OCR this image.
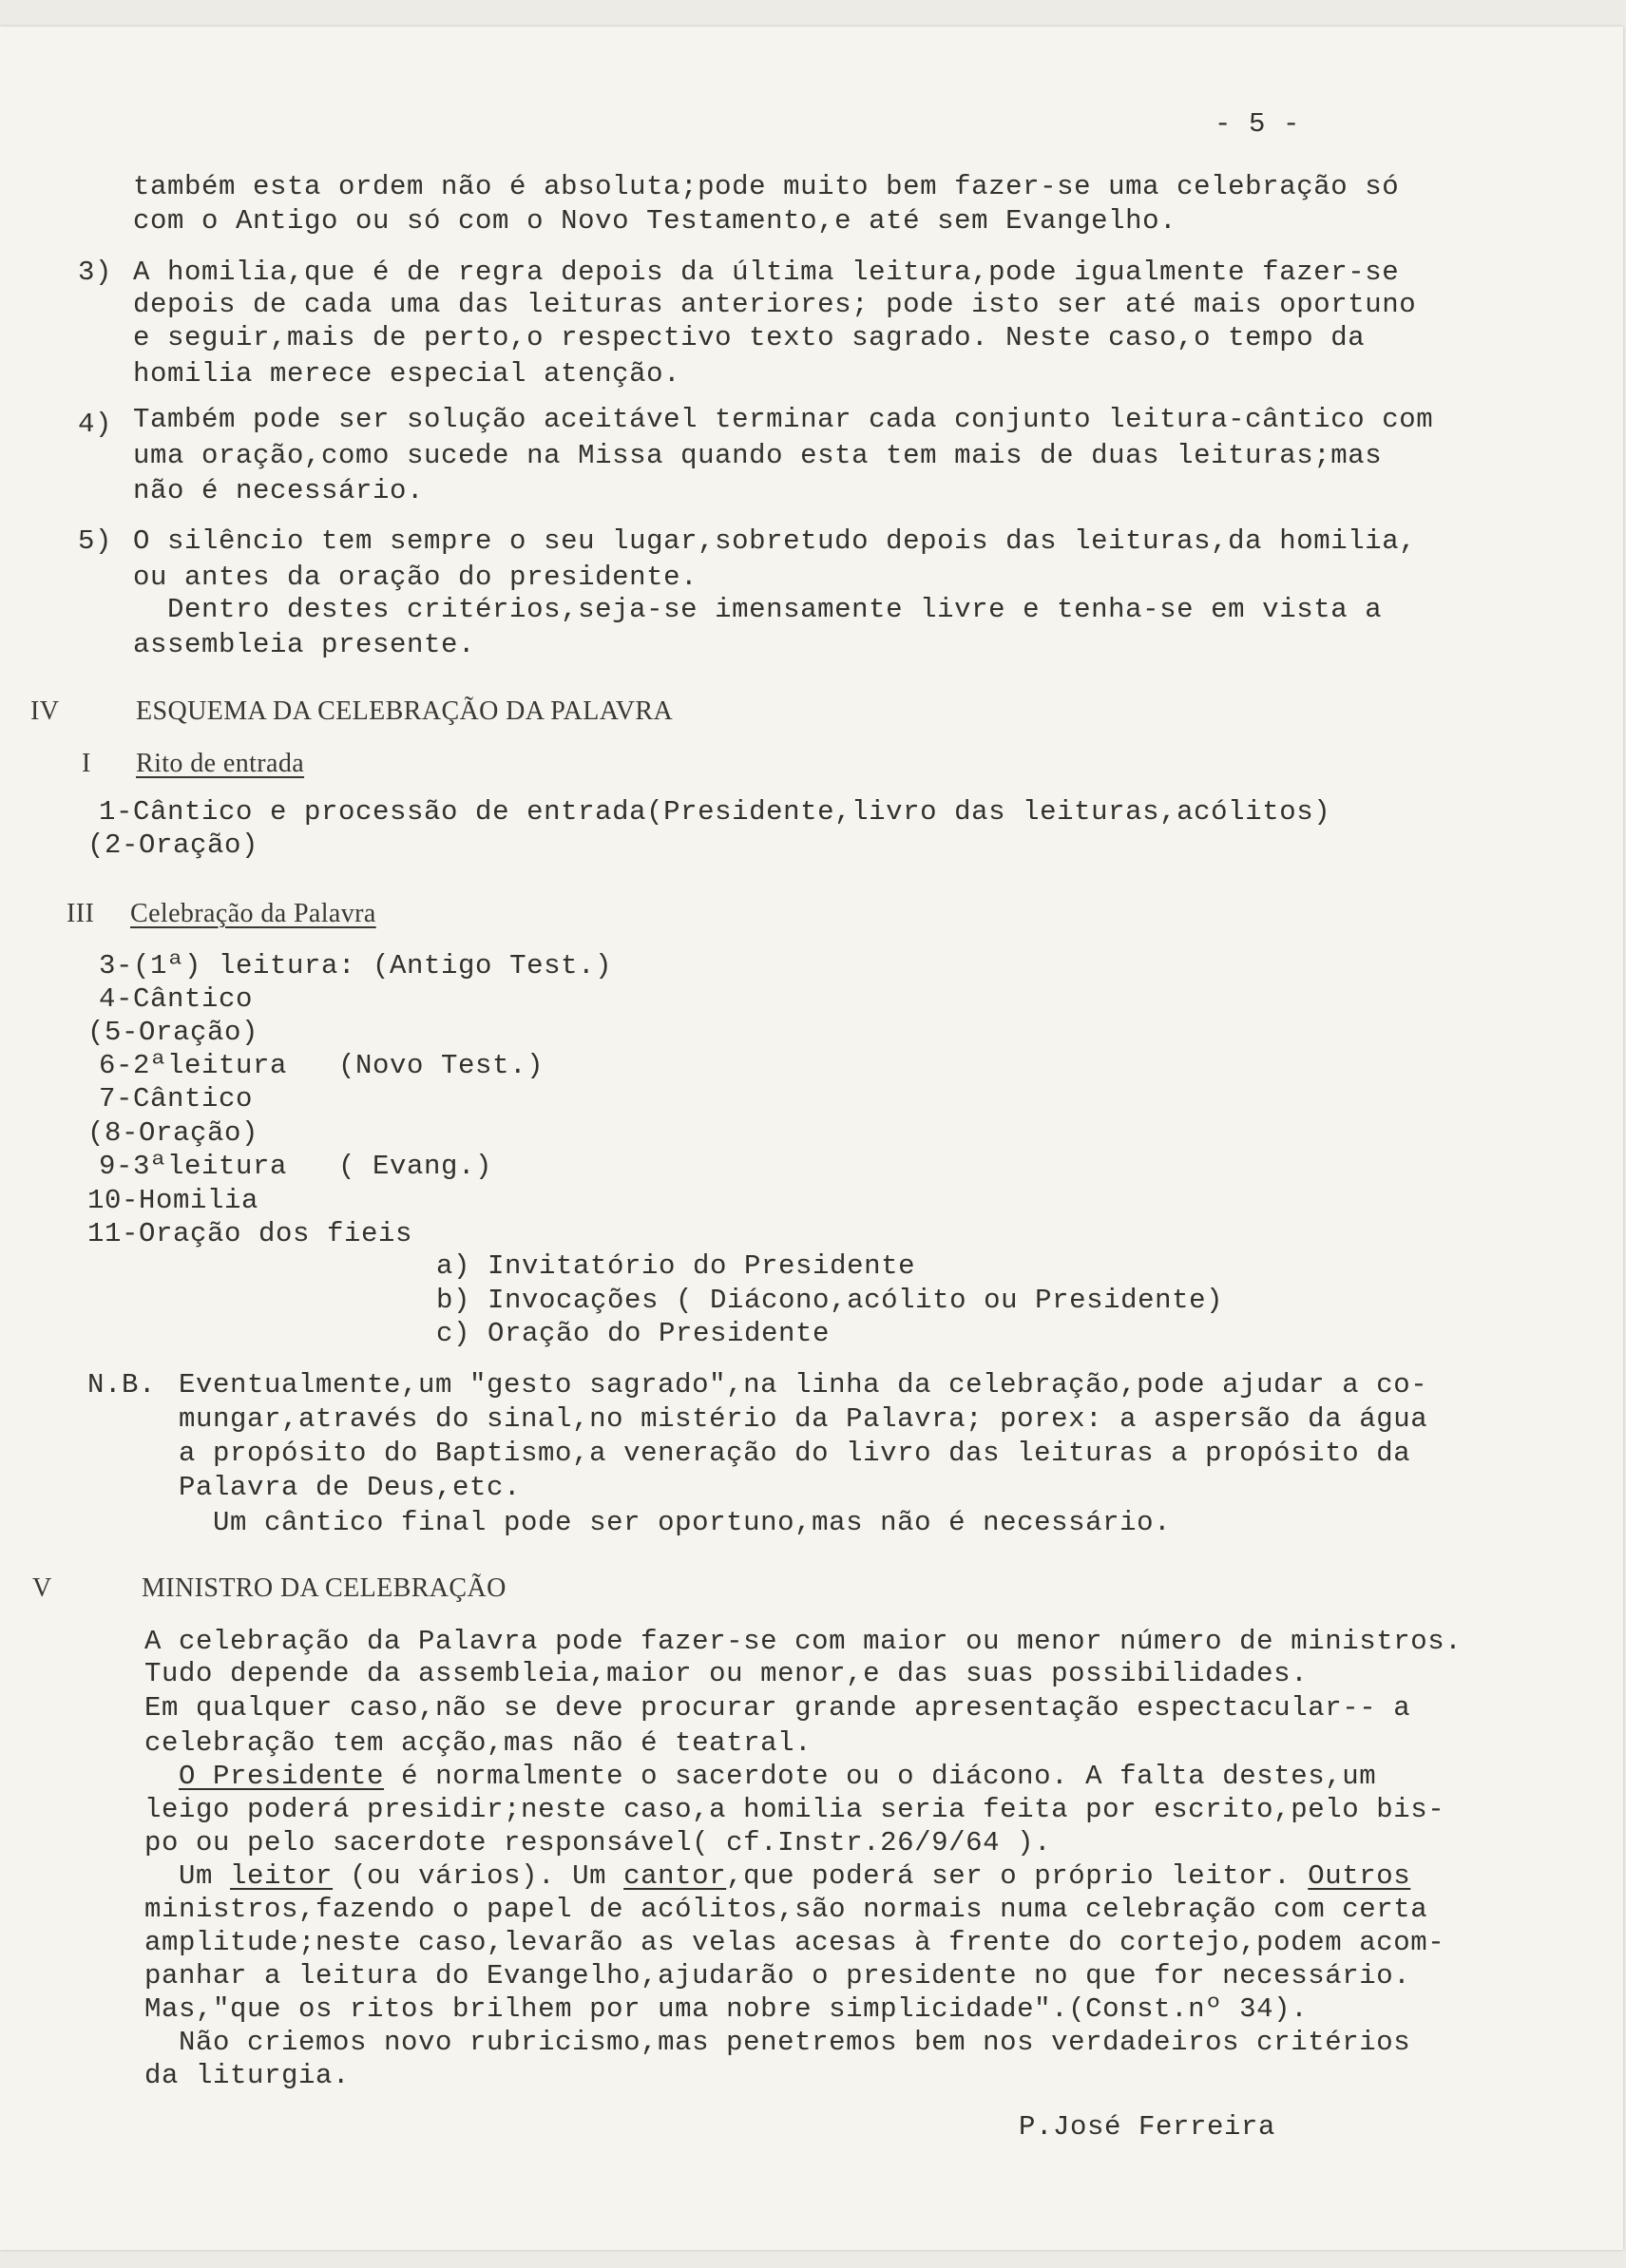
- 5 -
também esta ordem não é absoluta;pode muito bem fazer-se uma celebração só
com o Antigo ou só com o Novo Testamento,e até sem Evangelho.
3) A homilia,que é de regra depois da última leitura,pode igualmente fazer-se
depois de cada uma das leituras anteriores; pode isto ser até mais oportuno
e seguir,mais de perto,o respectivo texto sagrado. Neste caso,o tempo da
homilia merece especial atenção.
4) Também pode ser solução aceitável terminar cada conjunto leitura-cântico com
uma oração,como sucede na Missa quando esta tem mais de duas leituras;mas
não é necessário.
5) O silêncio tem sempre o seu lugar,sobretudo depois das leituras,da homilia,
ou antes da oração do presidente.
Dentro destes critérios,seja-se imensamente livre e tenha-se em vista a
assembleia presente.
IV	ESQUEMA DA CELEBRAÇÃO DA PALAVRA
I Rito de entrada
1-Cântico e processão de entrada(Presidente,livro das leituras,acólitos)
(2-Oração)
III Celebração da Palavra
3-(1ª) leitura: (Antigo Test.)
4-Cântico
(5-Oração)
6-2ªleitura   (Novo Test.)
7-Cântico
(8-Oração)
9-3ªleitura   ( Evang.)
10-Homilia
11-Oração dos fieis
a) Invitatório do Presidente
b) Invocações ( Diácono,acólito ou Presidente)
c) Oração do Presidente
N.B. Eventualmente,um "gesto sagrado",na linha da celebração,pode ajudar a co-
mungar,através do sinal,no mistério da Palavra; porex: a aspersão da água
a propósito do Baptismo,a veneração do livro das leituras a propósito da
Palavra de Deus,etc.
Um cântico final pode ser oportuno,mas não é necessário.
V	MINISTRO DA CELEBRAÇÃO
A celebração da Palavra pode fazer-se com maior ou menor número de ministros.
Tudo depende da assembleia,maior ou menor,e das suas possibilidades.
Em qualquer caso,não se deve procurar grande apresentação espectacular-- a
celebração tem acção,mas não é teatral.
O Presidente é normalmente o sacerdote ou o diácono. A falta destes,um
leigo poderá presidir;neste caso,a homilia seria feita por escrito,pelo bis-
po ou pelo sacerdote responsável( cf.Instr.26/9/64 ).
Um leitor (ou vários). Um cantor,que poderá ser o próprio leitor. Outros
ministros,fazendo o papel de acólitos,são normais numa celebração com certa
amplitude;neste caso,levarão as velas acesas à frente do cortejo,podem acom-
panhar a leitura do Evangelho,ajudarão o presidente no que for necessário.
Mas,"que os ritos brilhem por uma nobre simplicidade".(Const.nº 34).
Não criemos novo rubricismo,mas penetremos bem nos verdadeiros critérios
da liturgia.
P.José Ferreira
